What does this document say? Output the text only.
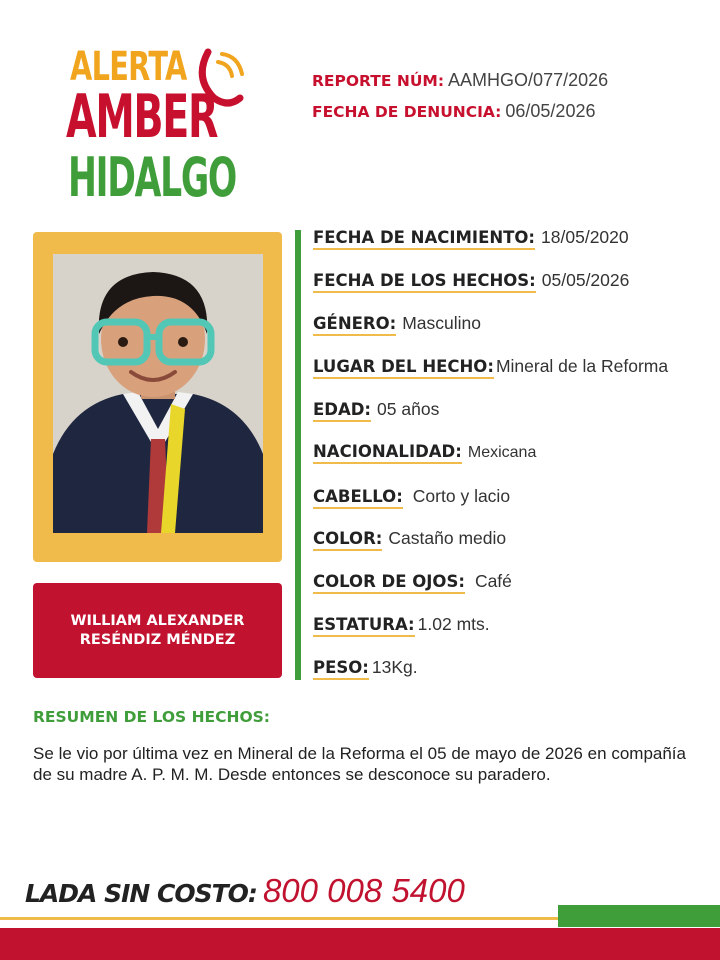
ALERTA
AMBER
HIDALGO
REPORTE NÚM: AAMHGO/077/2026
FECHA DE DENUNCIA: 06/05/2026
WILLIAM ALEXANDER RESÉNDIZ MÉNDEZ
FECHA DE NACIMIENTO: 18/05/2020
FECHA DE LOS HECHOS: 05/05/2026
GÉNERO: Masculino
LUGAR DEL HECHO: Mineral de la Reforma
EDAD: 05 años
NACIONALIDAD: Mexicana
CABELLO: Corto y lacio
COLOR: Castaño medio
COLOR DE OJOS: Café
ESTATURA: 1.02 mts.
PESO: 13Kg.
RESUMEN DE LOS HECHOS:
Se le vio por última vez en Mineral de la Reforma el 05 de mayo de 2026 en compañía de su madre A. P. M. M. Desde entonces se desconoce su paradero.
LADA SIN COSTO: 800 008 5400
